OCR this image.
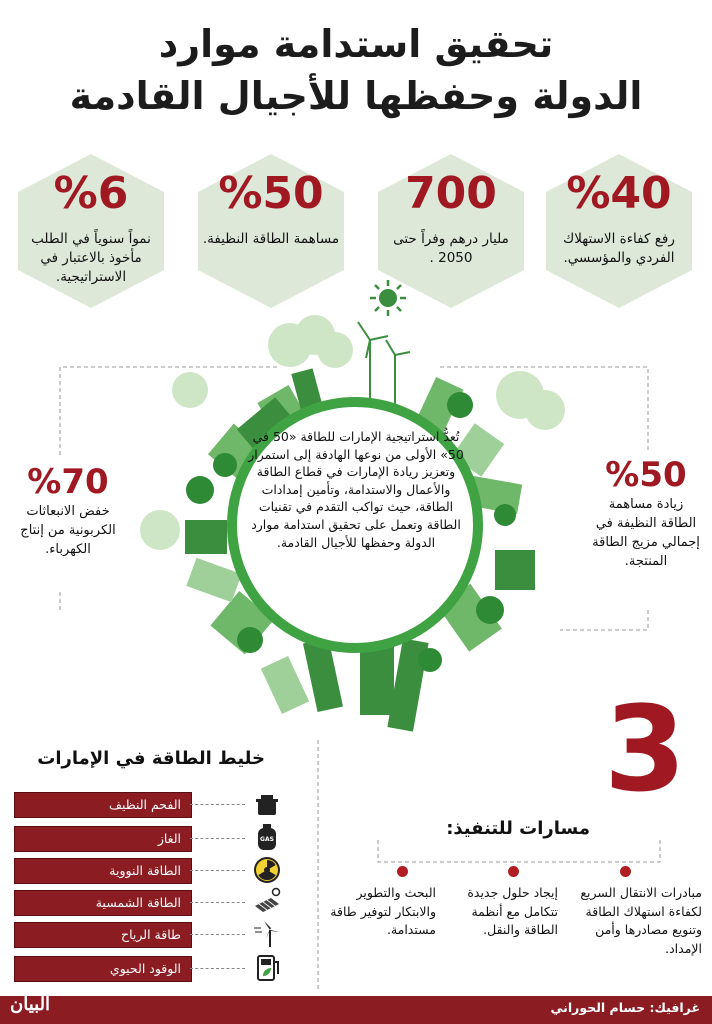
تحقيق استدامة موارد
الدولة وحفظها للأجيال القادمة
%40
رفع كفاءة الاستهلاك الفردي والمؤسسي.
700
مليار درهم وفراً حتى 2050 .
%50
مساهمة الطاقة النظيفة.
%6
نمواً سنوياً في الطلب مأخوذ بالاعتبار في الاستراتيجية.
تُعدُّ استراتيجية الإمارات للطاقة «50 في 50» الأولى من نوعها الهادفة إلى استمرار وتعزيز ريادة الإمارات في قطاع الطاقة والأعمال والاستدامة، وتأمين إمدادات الطاقة، حيث تواكب التقدم في تقنيات الطاقة وتعمل على تحقيق استدامة موارد الدولة وحفظها للأجيال القادمة.
%70
خفض الانبعاثات الكربونية من إنتاج الكهرباء.
%50
زيادة مساهمة الطاقة النظيفة في إجمالي مزيج الطاقة المنتجة.
خليط الطاقة في الإمارات
الفحم النظيف
الغاز	GAS
الطاقة النووية
الطاقة الشمسية
طاقة الرياح
الوقود الحيوي
3
مسارات للتنفيذ:
مبادرات الانتقال السريع لكفاءة استهلاك الطاقة وتنويع مصادرها وأمن الإمداد.
إيجاد حلول جديدة تتكامل مع أنظمة الطاقة والنقل.
البحث والتطوير والابتكار لتوفير طاقة مستدامة.
غرافيك: حسام الحوراني
البيان
